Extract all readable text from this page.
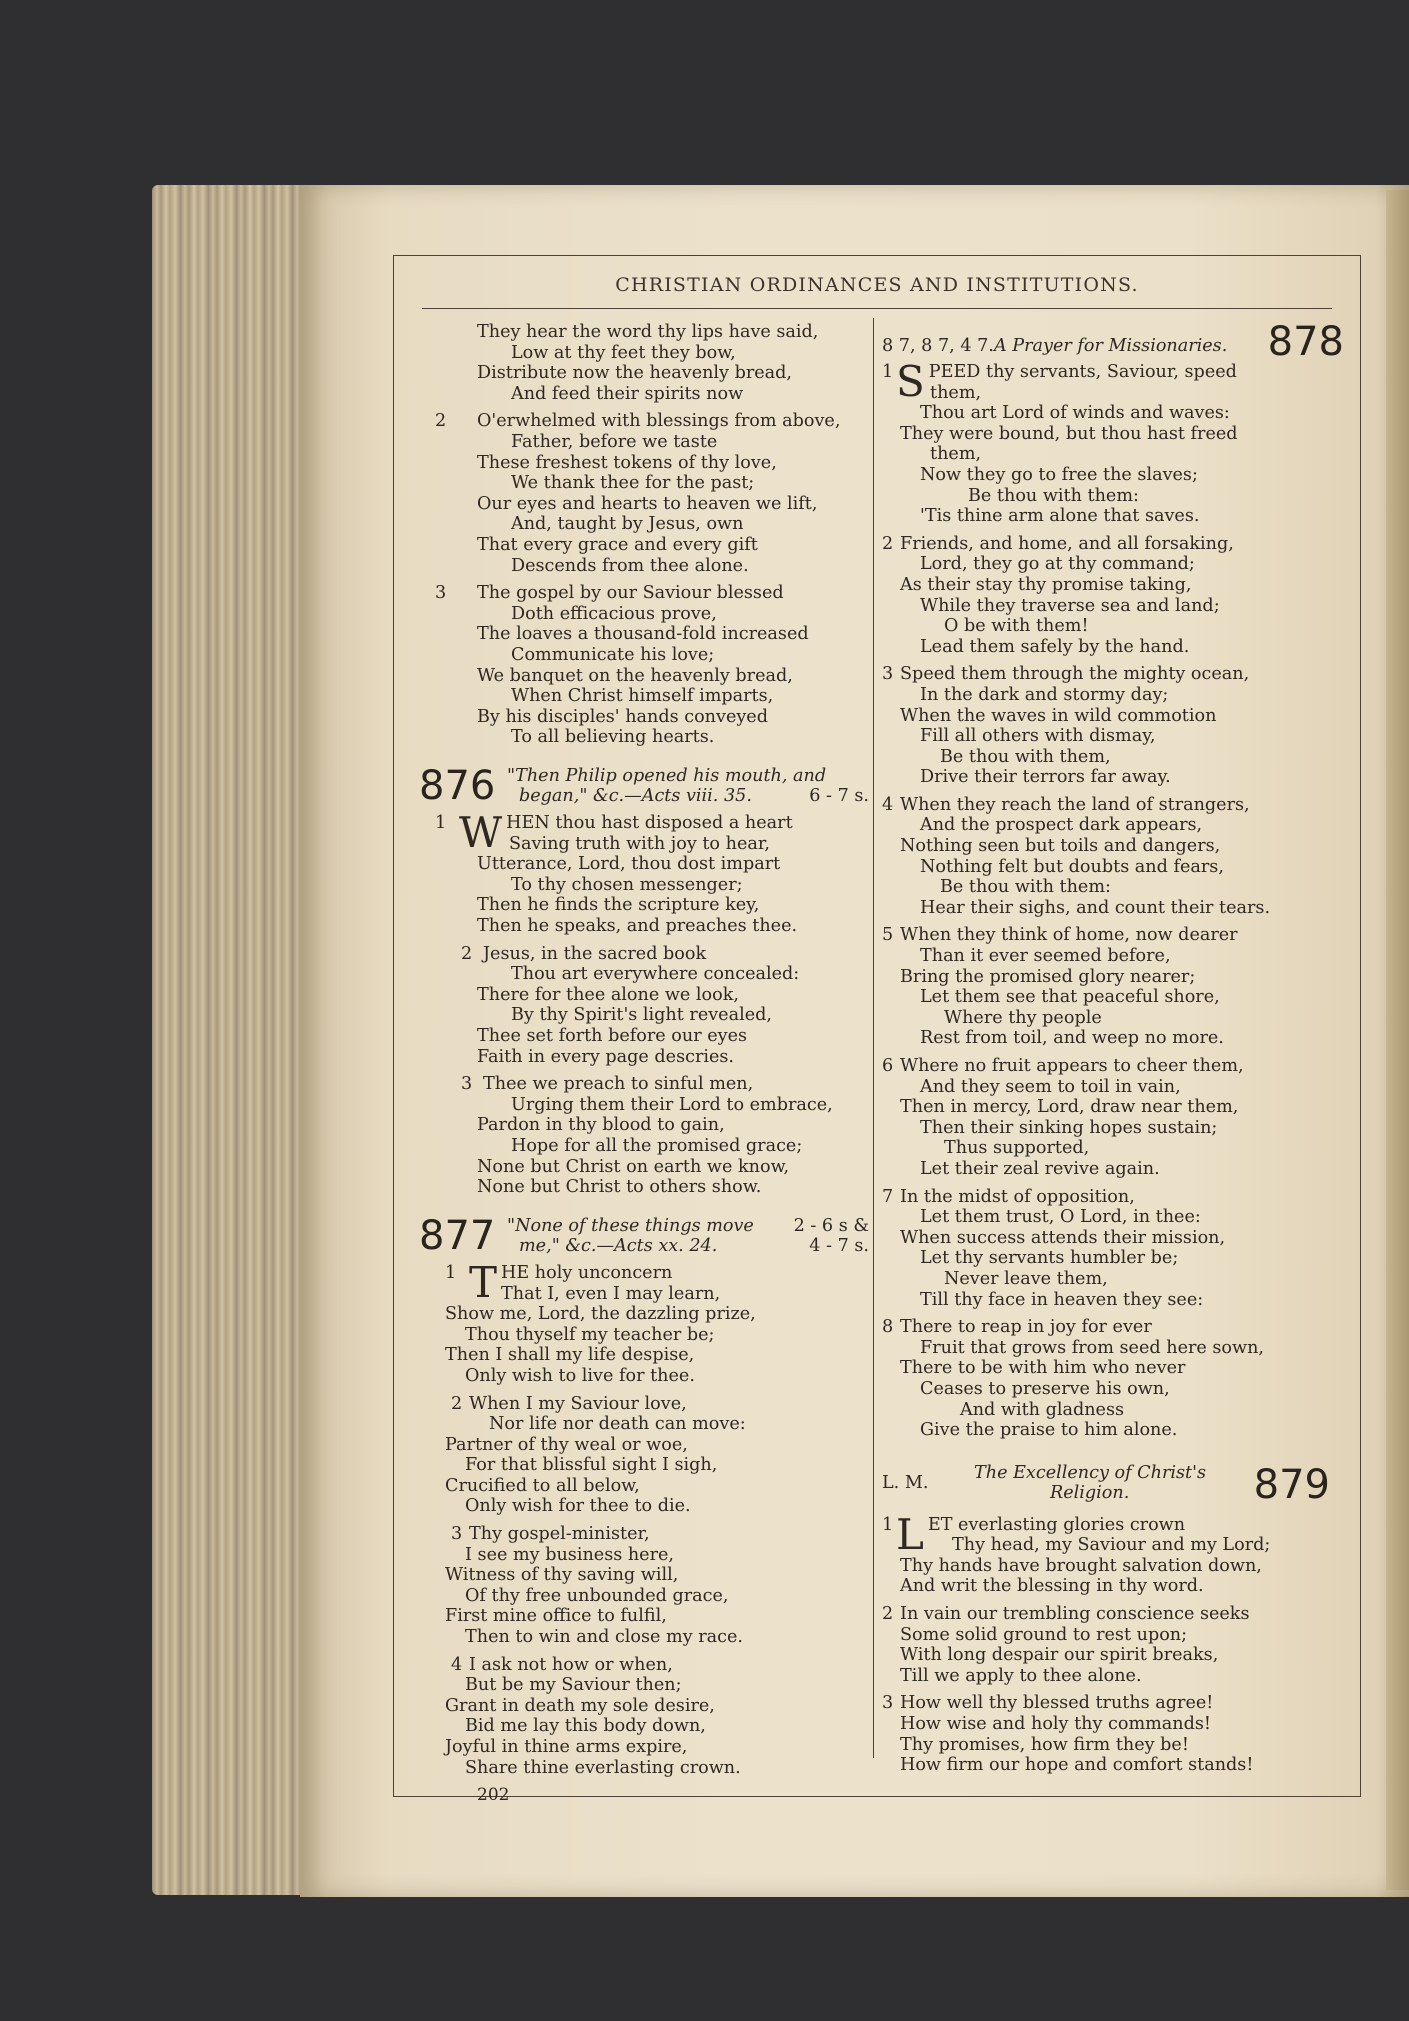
CHRISTIAN ORDINANCES AND INSTITUTIONS.
They hear the word thy lips have said,
Low at thy feet they bow,
Distribute now the heavenly bread,
And feed their spirits now
2 O'erwhelmed with blessings from above,
Father, before we taste
These freshest tokens of thy love,
We thank thee for the past;
Our eyes and hearts to heaven we lift,
And, taught by Jesus, own
That every grace and every gift
Descends from thee alone.
3 The gospel by our Saviour blessed
Doth efficacious prove,
The loaves a thousand-fold increased
Communicate his love;
We banquet on the heavenly bread,
When Christ himself imparts,
By his disciples' hands conveyed
To all believing hearts.
876 "Then Philip opened his mouth, and
began," &c.—Acts viii. 35.	6 - 7 s.
1 W HEN thou hast disposed a heart
Saving truth with joy to hear,
Utterance, Lord, thou dost impart
To thy chosen messenger;
Then he finds the scripture key,
Then he speaks, and preaches thee.
2 Jesus, in the sacred book
Thou art everywhere concealed:
There for thee alone we look,
By thy Spirit's light revealed,
Thee set forth before our eyes
Faith in every page descries.
3 Thee we preach to sinful men,
Urging them their Lord to embrace,
Pardon in thy blood to gain,
Hope for all the promised grace;
None but Christ on earth we know,
None but Christ to others show.
877 "None of these things move 2 - 6 s &
me," &c.—Acts xx. 24.	4 - 7 s.
1 T HE holy unconcern
That I, even I may learn,
Show me, Lord, the dazzling prize,
Thou thyself my teacher be;
Then I shall my life despise,
Only wish to live for thee.
2 When I my Saviour love,
Nor life nor death can move:
Partner of thy weal or woe,
For that blissful sight I sigh,
Crucified to all below,
Only wish for thee to die.
3 Thy gospel-minister,
I see my business here,
Witness of thy saving will,
Of thy free unbounded grace,
First mine office to fulfil,
Then to win and close my race.
4 I ask not how or when,
But be my Saviour then;
Grant in death my sole desire,
Bid me lay this body down,
Joyful in thine arms expire,
Share thine everlasting crown.
202
8 7, 8 7, 4 7. A Prayer for Missionaries. 878
1 S PEED thy servants, Saviour, speed
them,
Thou art Lord of winds and waves:
They were bound, but thou hast freed
them,
Now they go to free the slaves;
Be thou with them:
'Tis thine arm alone that saves.
2 Friends, and home, and all forsaking,
Lord, they go at thy command;
As their stay thy promise taking,
While they traverse sea and land;
O be with them!
Lead them safely by the hand.
3 Speed them through the mighty ocean,
In the dark and stormy day;
When the waves in wild commotion
Fill all others with dismay,
Be thou with them,
Drive their terrors far away.
4 When they reach the land of strangers,
And the prospect dark appears,
Nothing seen but toils and dangers,
Nothing felt but doubts and fears,
Be thou with them:
Hear their sighs, and count their tears.
5 When they think of home, now dearer
Than it ever seemed before,
Bring the promised glory nearer;
Let them see that peaceful shore,
Where thy people
Rest from toil, and weep no more.
6 Where no fruit appears to cheer them,
And they seem to toil in vain,
Then in mercy, Lord, draw near them,
Then their sinking hopes sustain;
Thus supported,
Let their zeal revive again.
7 In the midst of opposition,
Let them trust, O Lord, in thee:
When success attends their mission,
Let thy servants humbler be;
Never leave them,
Till thy face in heaven they see:
8 There to reap in joy for ever
Fruit that grows from seed here sown,
There to be with him who never
Ceases to preserve his own,
And with gladness
Give the praise to him alone.
L. M.	The Excellency of Christ's
Religion.	879
1 L ET everlasting glories crown
Thy head, my Saviour and my Lord;
Thy hands have brought salvation down,
And writ the blessing in thy word.
2 In vain our trembling conscience seeks
Some solid ground to rest upon;
With long despair our spirit breaks,
Till we apply to thee alone.
3 How well thy blessed truths agree!
How wise and holy thy commands!
Thy promises, how firm they be!
How firm our hope and comfort stands!
